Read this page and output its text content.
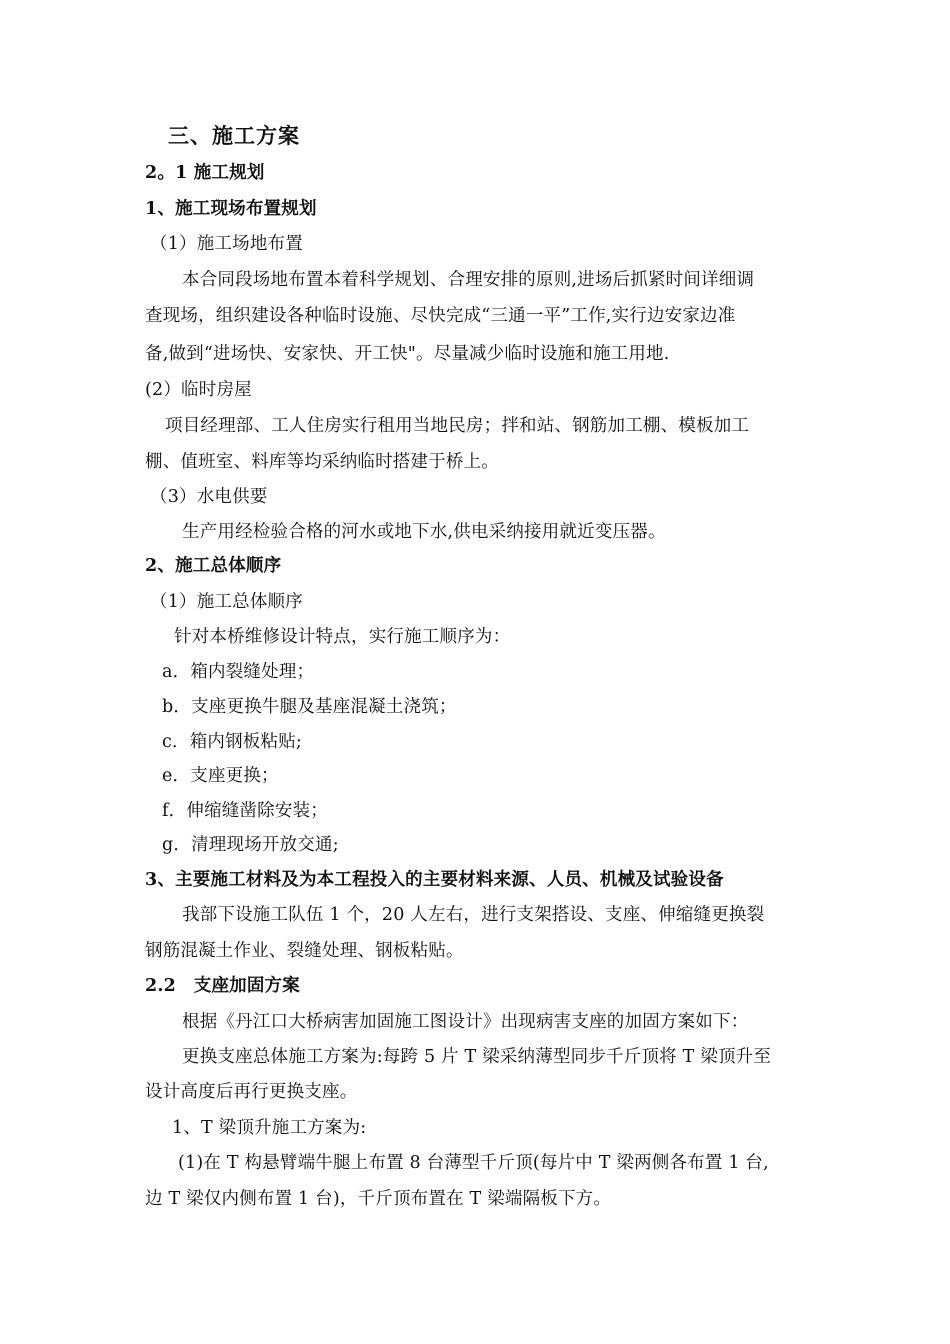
三、施工方案
2。1 施工规划
1、施工现场布置规划
（1）施工场地布置
本合同段场地布置本着科学规划、合理安排的原则,进场后抓紧时间详细调
查现场，组织建设各种临时设施、尽快完成“三通一平”工作,实行边安家边准
备,做到“进场快、安家快、开工快"。尽量减少临时设施和施工用地.
(2）临时房屋
项目经理部、工人住房实行租用当地民房；拌和站、钢筋加工棚、模板加工
棚、值班室、料库等均采纳临时搭建于桥上。
（3）水电供要
生产用经检验合格的河水或地下水,供电采纳接用就近变压器。
2、施工总体顺序
（1）施工总体顺序
针对本桥维修设计特点，实行施工顺序为：
a．箱内裂缝处理；
b．支座更换牛腿及基座混凝土浇筑；
c．箱内钢板粘贴;
e．支座更换；
f．伸缩缝凿除安装；
g．清理现场开放交通;
3、主要施工材料及为本工程投入的主要材料来源、人员、机械及试验设备
我部下设施工队伍 1 个，20 人左右，进行支架搭设、支座、伸缩缝更换裂
钢筋混凝土作业、裂缝处理、钢板粘贴。
2.2　支座加固方案
根据《丹江口大桥病害加固施工图设计》出现病害支座的加固方案如下：
更换支座总体施工方案为:每跨 5 片 T 梁采纳薄型同步千斤顶将 T 梁顶升至
设计高度后再行更换支座。
1、T 梁顶升施工方案为:
(1)在 T 构悬臂端牛腿上布置 8 台薄型千斤顶(每片中 T 梁两侧各布置 1 台,
边 T 梁仅内侧布置 1 台)，千斤顶布置在 T 梁端隔板下方。
